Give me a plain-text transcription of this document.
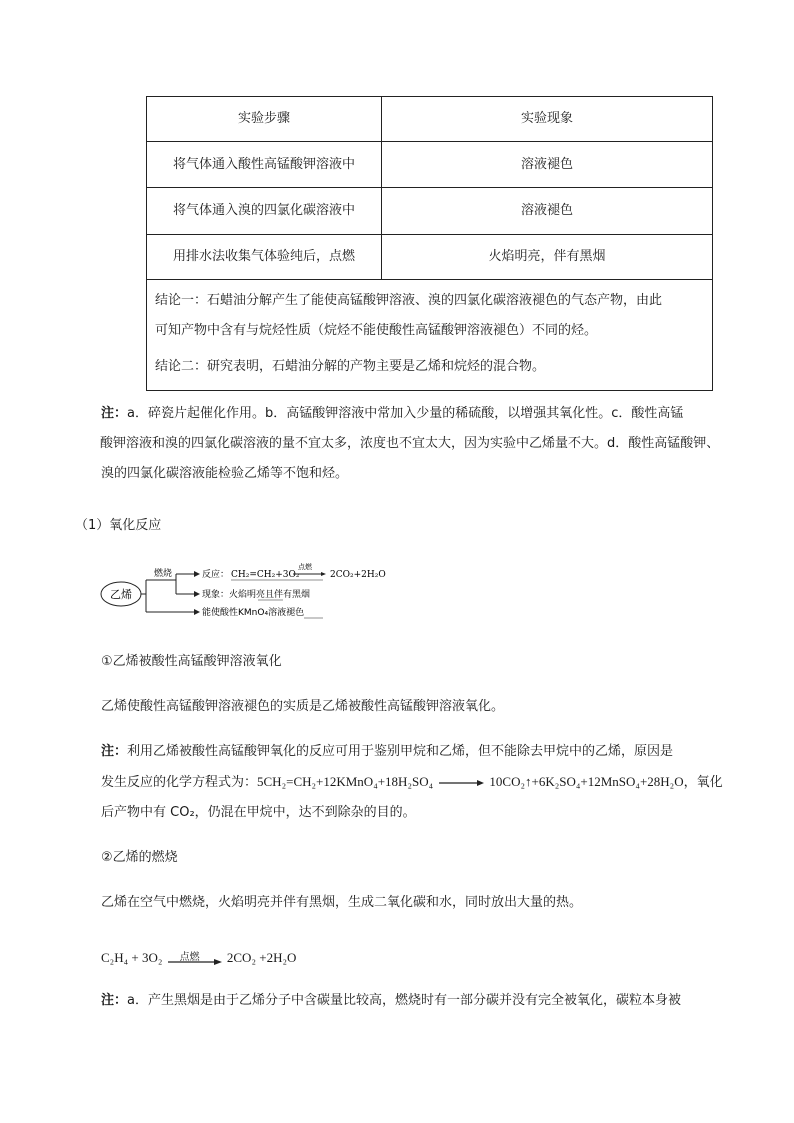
实验步骤	实验现象
将气体通入酸性高锰酸钾溶液中	溶液褪色
将气体通入溴的四氯化碳溶液中	溶液褪色
用排水法收集气体验纯后，点燃	火焰明亮，伴有黑烟

结论一：石蜡油分解产生了能使高锰酸钾溶液、溴的四氯化碳溶液褪色的气态产物，由此

可知产物中含有与烷烃性质（烷烃不能使酸性高锰酸钾溶液褪色）不同的烃。

结论二：研究表明，石蜡油分解的产物主要是乙烯和烷烃的混合物。	

注：a．碎瓷片起催化作用。b．高锰酸钾溶液中常加入少量的稀硫酸，以增强其氧化性。c．酸性高锰
酸钾溶液和溴的四氯化碳溶液的量不宜太多，浓度也不宜太大，因为实验中乙烯量不大。d．酸性高锰酸钾、
溴的四氯化碳溶液能检验乙烯等不饱和烃。
（1）氧化反应
乙烯
燃烧	反应： CH₂=CH₂+3O₂
点燃
2CO₂+2H₂O
现象：火焰明亮且伴有黑烟
能使酸性KMnO₄溶液褪色
①乙烯被酸性高锰酸钾溶液氧化
乙烯使酸性高锰酸钾溶液褪色的实质是乙烯被酸性高锰酸钾溶液氧化。
注：利用乙烯被酸性高锰酸钾氧化的反应可用于鉴别甲烷和乙烯，但不能除去甲烷中的乙烯，原因是
发生反应的化学方程式为：5CH₂=CH₂+12KMnO₄+18H₂SO₄	10CO₂↑+6K₂SO₄+12MnSO₄+28H₂O，氧化
后产物中有 CO₂，仍混在甲烷中，达不到除杂的目的。
②乙烯的燃烧
乙烯在空气中燃烧，火焰明亮并伴有黑烟，生成二氧化碳和水，同时放出大量的热。
C₂H₄ + 3O₂ 点燃 2CO₂ +2H₂O
注：a．产生黑烟是由于乙烯分子中含碳量比较高，燃烧时有一部分碳并没有完全被氧化，碳粒本身被
